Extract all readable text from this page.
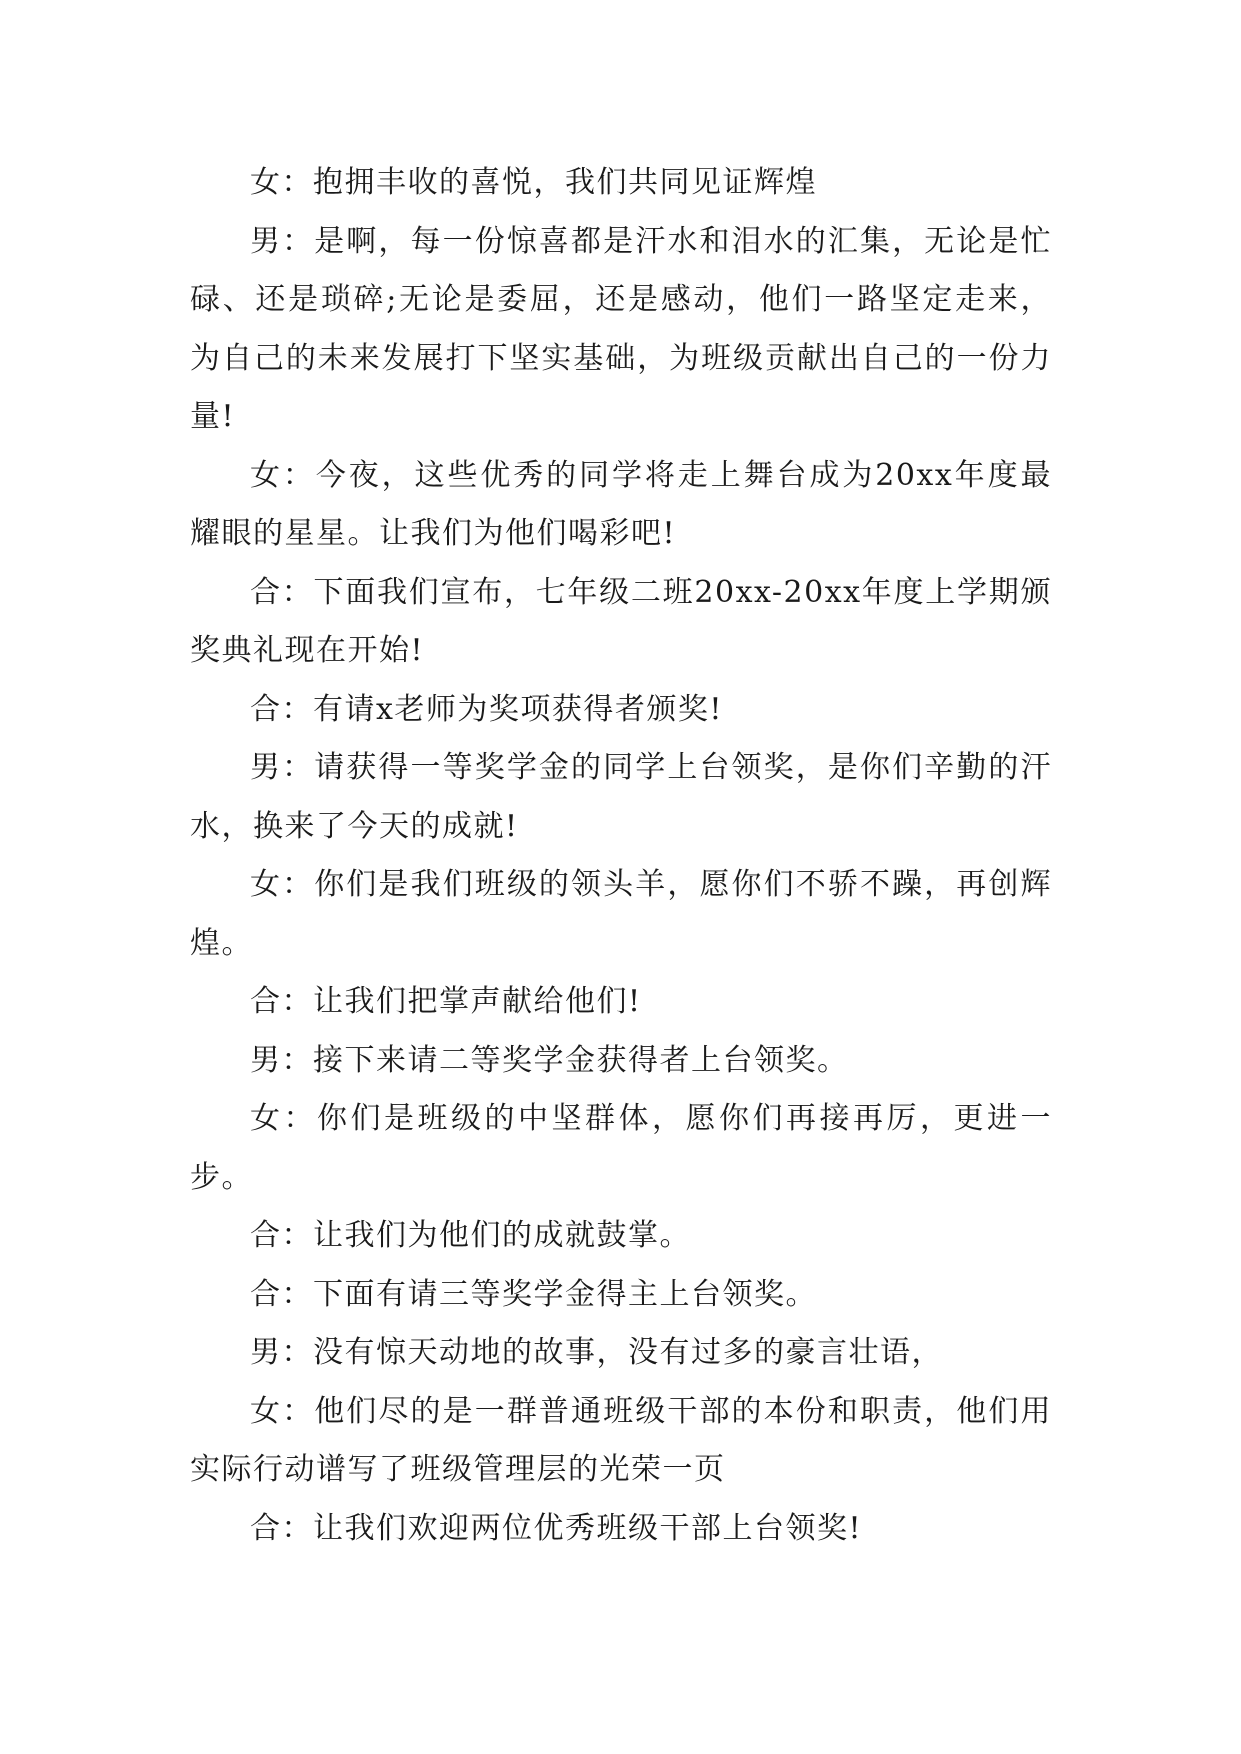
女：抱拥丰收的喜悦，我们共同见证辉煌

男：是啊，每一份惊喜都是汗水和泪水的汇集，无论是忙碌、还是琐碎;无论是委屈，还是感动，他们一路坚定走来，为自己的未来发展打下坚实基础，为班级贡献出自己的一份力量!

女：今夜，这些优秀的同学将走上舞台成为20xx年度最耀眼的星星。让我们为他们喝彩吧!

合：下面我们宣布，七年级二班20xx-20xx年度上学期颁奖典礼现在开始!

合：有请x老师为奖项获得者颁奖!

男：请获得一等奖学金的同学上台领奖，是你们辛勤的汗水，换来了今天的成就!

女：你们是我们班级的领头羊，愿你们不骄不躁，再创辉煌。

合：让我们把掌声献给他们!

男：接下来请二等奖学金获得者上台领奖。

女：你们是班级的中坚群体，愿你们再接再厉，更进一步。

合：让我们为他们的成就鼓掌。

合：下面有请三等奖学金得主上台领奖。

男：没有惊天动地的故事，没有过多的豪言壮语，

女：他们尽的是一群普通班级干部的本份和职责，他们用实际行动谱写了班级管理层的光荣一页

合：让我们欢迎两位优秀班级干部上台领奖!
